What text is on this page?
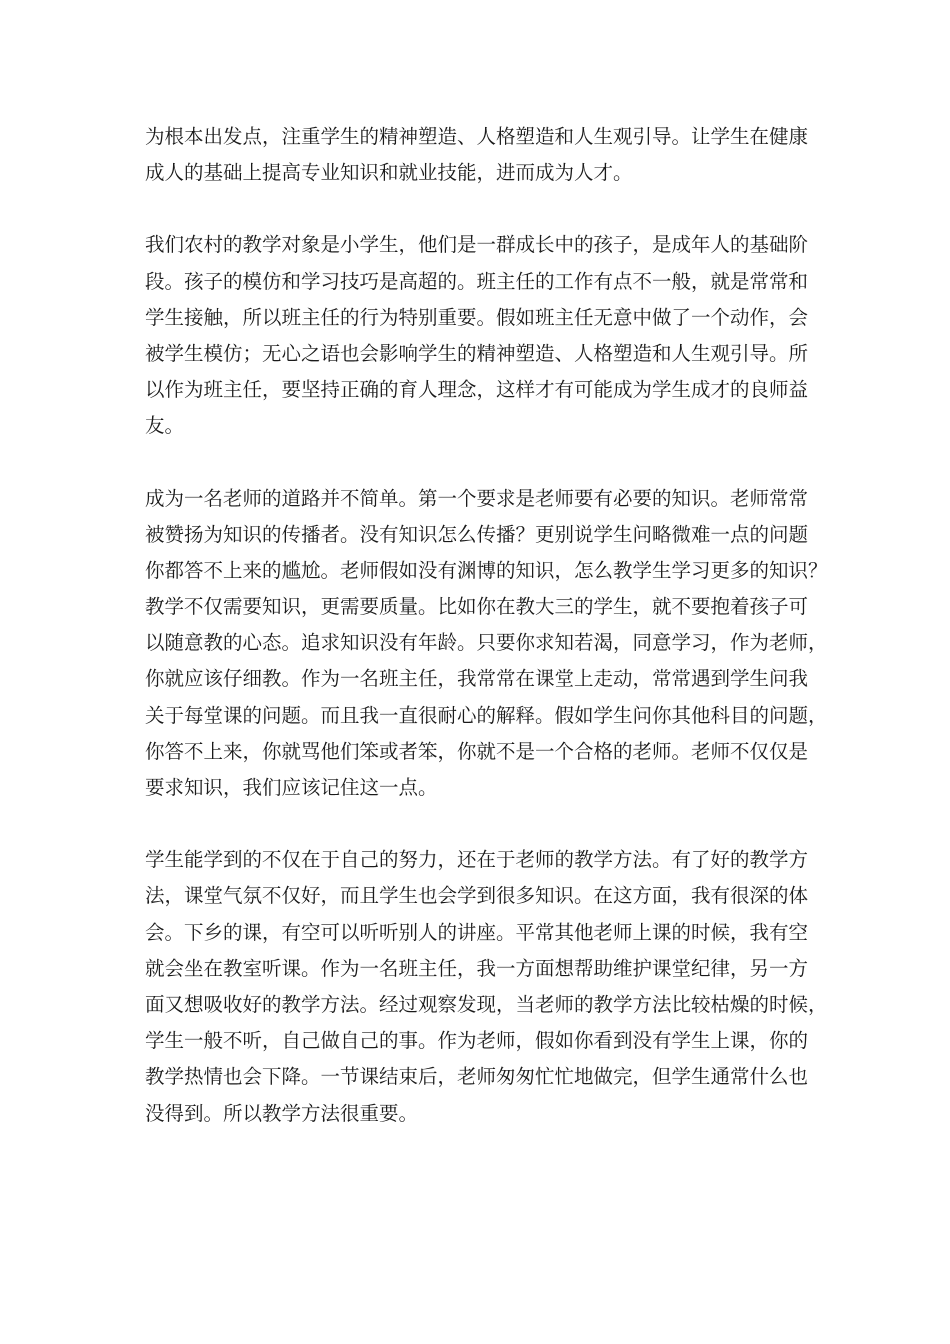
为根本出发点，注重学生的精神塑造、人格塑造和人生观引导。让学生在健康
成人的基础上提高专业知识和就业技能，进而成为人才。
我们农村的教学对象是小学生，他们是一群成长中的孩子，是成年人的基础阶
段。孩子的模仿和学习技巧是高超的。班主任的工作有点不一般，就是常常和
学生接触，所以班主任的行为特别重要。假如班主任无意中做了一个动作，会
被学生模仿；无心之语也会影响学生的精神塑造、人格塑造和人生观引导。所
以作为班主任，要坚持正确的育人理念，这样才有可能成为学生成才的良师益
友。
成为一名老师的道路并不简单。第一个要求是老师要有必要的知识。老师常常
被赞扬为知识的传播者。没有知识怎么传播？更别说学生问略微难一点的问题
你都答不上来的尴尬。老师假如没有渊博的知识，怎么教学生学习更多的知识？
教学不仅需要知识，更需要质量。比如你在教大三的学生，就不要抱着孩子可
以随意教的心态。追求知识没有年龄。只要你求知若渴，同意学习，作为老师，
你就应该仔细教。作为一名班主任，我常常在课堂上走动，常常遇到学生问我
关于每堂课的问题。而且我一直很耐心的解释。假如学生问你其他科目的问题，
你答不上来，你就骂他们笨或者笨，你就不是一个合格的老师。老师不仅仅是
要求知识，我们应该记住这一点。
学生能学到的不仅在于自己的努力，还在于老师的教学方法。有了好的教学方
法，课堂气氛不仅好，而且学生也会学到很多知识。在这方面，我有很深的体
会。下乡的课，有空可以听听别人的讲座。平常其他老师上课的时候，我有空
就会坐在教室听课。作为一名班主任，我一方面想帮助维护课堂纪律，另一方
面又想吸收好的教学方法。经过观察发现，当老师的教学方法比较枯燥的时候，
学生一般不听，自己做自己的事。作为老师，假如你看到没有学生上课，你的
教学热情也会下降。一节课结束后，老师匆匆忙忙地做完，但学生通常什么也
没得到。所以教学方法很重要。
